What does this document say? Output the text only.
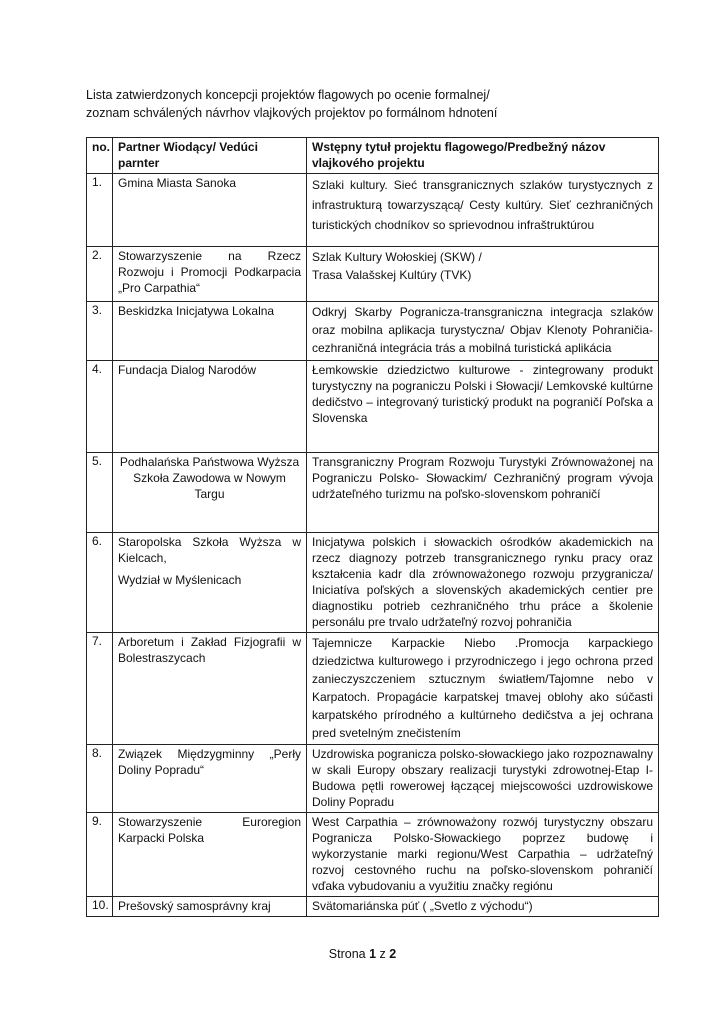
Lista zatwierdzonych koncepcji projektów flagowych po ocenie formalnej/
zoznam schválených návrhov vlajkových projektov po formálnom hdnotení
no.	Partner Wiodący/ Vedúci parnter	Wstępny tytuł projektu flagowego/Predbežný názov vlajkového projektu
1.	Gmina Miasta Sanoka	Szlaki kultury. Sieć transgranicznych szlaków turystycznych z infrastrukturą towarzyszącą/ Cesty kultúry. Sieť cezhraničných turistických chodníkov so sprievodnou infraštruktúrou

2.	Stowarzyszenie na Rzecz Rozwoju i Promocji Podkarpacia „Pro Carpathia“	Szlak Kultury Wołoskiej (SKW) /

Trasa Valašskej Kultúry (TVK)

3.	Beskidzka Inicjatywa Lokalna	Odkryj Skarby Pogranicza-transgraniczna integracja szlaków oraz mobilna aplikacja turystyczna/ Objav Klenoty Pohraničia-cezhraničná integrácia trás a mobilná turistická aplikácia

4.	Fundacja Dialog Narodów	Łemkowskie dziedzictwo kulturowe - zintegrowany produkt turystyczny na pograniczu Polski i Słowacji/ Lemkovské kultúrne dedičstvo – integrovaný turistický produkt na pograničí Poľska a Slovenska

5.	Podhalańska Państwowa Wyższa Szkoła Zawodowa w Nowym Targu	Transgraniczny Program Rozwoju Turystyki Zrównoważonej na Pograniczu Polsko- Słowackim/ Cezhraničný program vývoja udržateľného turizmu na poľsko-slovenskom pohraničí

6.	Staropolska Szkoła Wyższa w Kielcach,

Wydział w Myślenicach	Inicjatywa polskich i słowackich ośrodków akademickich na rzecz diagnozy potrzeb transgranicznego rynku pracy oraz kształcenia kadr dla zrównoważonego rozwoju przygranicza/ Iniciatíva poľských a slovenských akademických centier pre diagnostiku potrieb cezhraničného trhu práce a školenie personálu pre trvalo udržateľný rozvoj pohraničia

7.	Arboretum i Zakład Fizjografii w Bolestraszycach	Tajemnicze Karpackie Niebo .Promocja karpackiego dziedzictwa kulturowego i przyrodniczego i jego ochrona przed zanieczyszczeniem sztucznym światłem/Tajomne nebo v Karpatoch. Propagácie karpatskej tmavej oblohy ako súčasti karpatského prírodného a kultúrneho dedičstva a jej ochrana pred svetelným znečistením

8.	Związek Międzygminny „Perły Doliny Popradu“	Uzdrowiska pogranicza polsko-słowackiego jako rozpoznawalny w skali Europy obszary realizacji turystyki zdrowotnej-Etap I-Budowa pętli rowerowej łączącej miejscowości uzdrowiskowe Doliny Popradu

9.	Stowarzyszenie Euroregion Karpacki Polska	West Carpathia – zrównoważony rozwój turystyczny obszaru Pogranicza Polsko-Słowackiego poprzez budowę i wykorzystanie marki regionu/West Carpathia – udržateľný rozvoj cestovného ruchu na poľsko-slovenskom pohraničí vďaka vybudovaniu a využitiu značky regiónu

10.	Prešovský samosprávny kraj	Svätomariánska púť ( „Svetlo z východu“)

Strona 1 z 2
